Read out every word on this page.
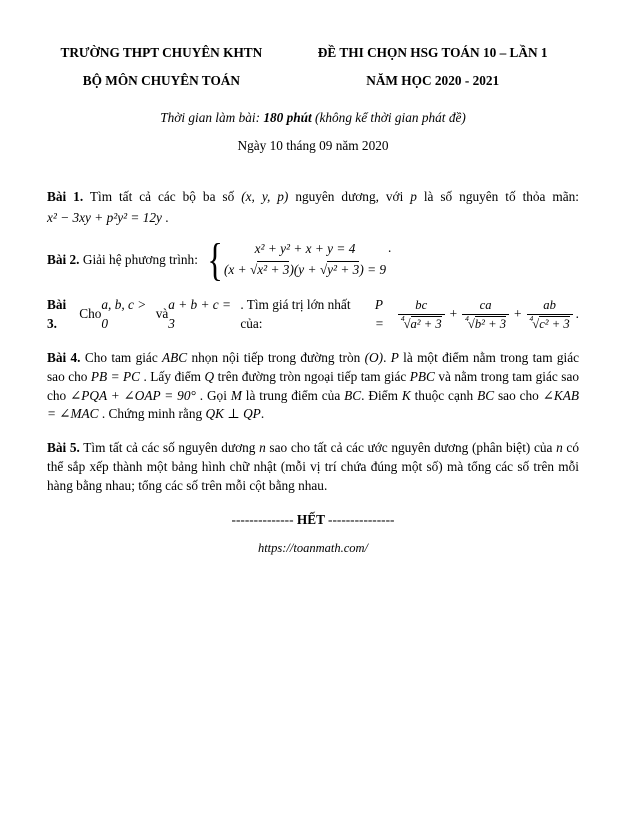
TRƯỜNG THPT CHUYÊN KHTN
BỘ MÔN CHUYÊN TOÁN
ĐỀ THI CHỌN HSG TOÁN 10 – LẦN 1
NĂM HỌC 2020 - 2021
Thời gian làm bài: 180 phút (không kể thời gian phát đề)
Ngày 10 tháng 09 năm 2020
Bài 1. Tìm tất cả các bộ ba số (x, y, p) nguyên dương, với p là số nguyên tố thỏa mãn:
x² − 3xy + p²y² = 12y .
Bài 2. Giải hệ phương trình: { x² + y² + x + y = 4
(x + √x² + 3)(y + √y² + 3) = 9
.
Bài 3.
Cho
a, b, c > 0
và
a + b + c = 3
. Tìm giá trị lớn nhất của:
P =	$\frac{bc}{^4√a^2 + 3} + \frac{ca}{^4√b^2 + 3} + \frac{ab}{^4√c^2 + 3}$ .
Bài 4. Cho tam giác ABC nhọn nội tiếp trong đường tròn (O). P là một điểm nằm trong tam giác sao cho PB = PC . Lấy điểm Q trên đường tròn ngoại tiếp tam giác PBC và nằm trong tam giác sao cho ∠PQA + ∠OAP = 90° . Gọi M là trung điểm của BC. Điểm K thuộc cạnh BC sao cho ∠KAB = ∠MAC . Chứng minh rằng QK ⊥ QP.
Bài 5. Tìm tất cả các số nguyên dương n sao cho tất cả các ước nguyên dương (phân biệt) của n có thể sắp xếp thành một bảng hình chữ nhật (mỗi vị trí chứa đúng một số) mà tổng các số trên mỗi hàng bằng nhau; tổng các số trên mỗi cột bằng nhau.
-------------- HẾT ---------------
https://toanmath.com/
